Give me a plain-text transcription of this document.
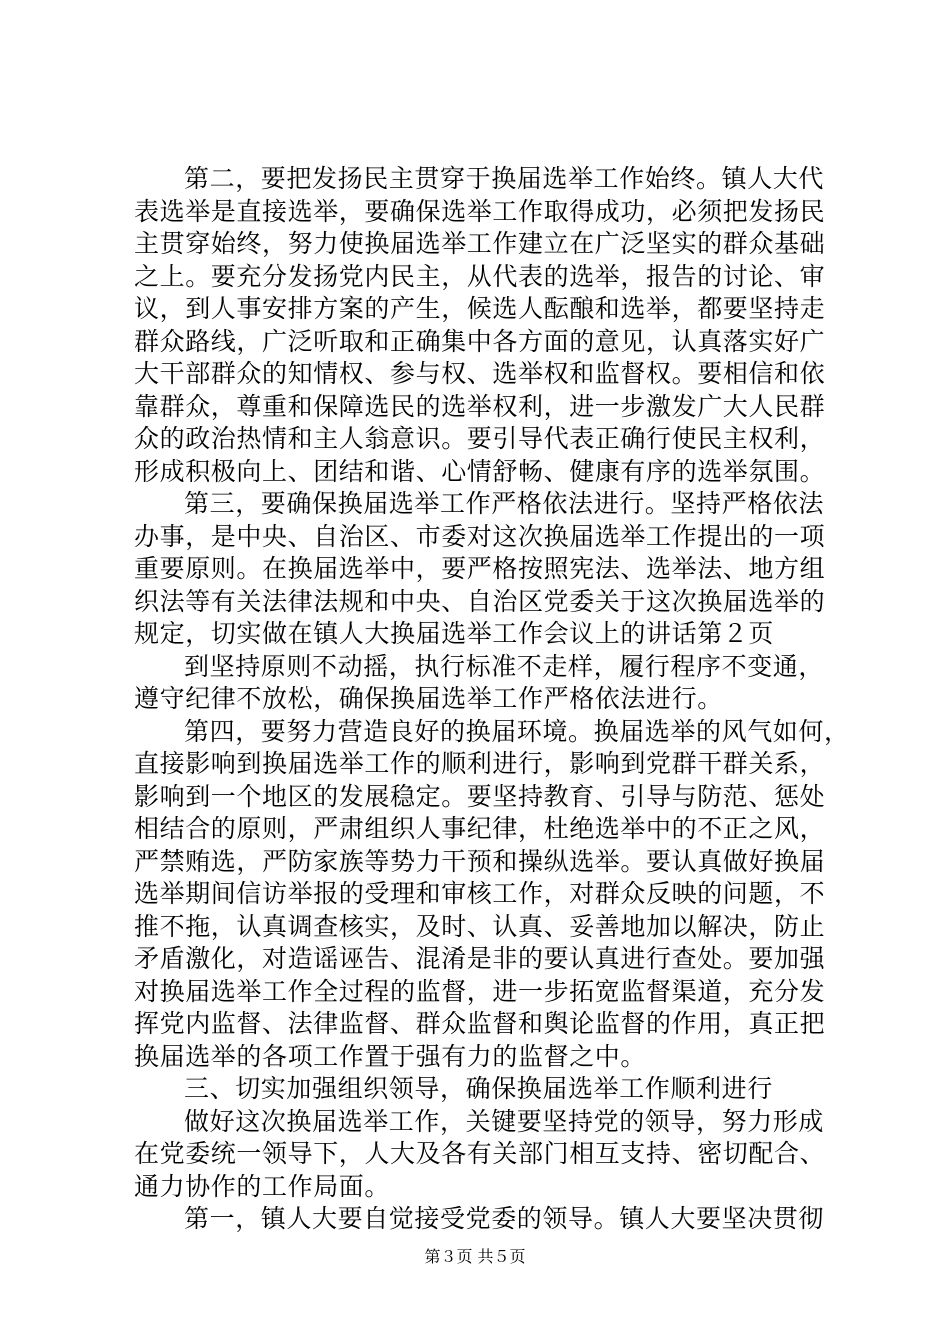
第二，要把发扬民主贯穿于换届选举工作始终。镇人大代
表选举是直接选举，要确保选举工作取得成功，必须把发扬民
主贯穿始终，努力使换届选举工作建立在广泛坚实的群众基础
之上。要充分发扬党内民主，从代表的选举，报告的讨论、审
议，到人事安排方案的产生，候选人酝酿和选举，都要坚持走
群众路线，广泛听取和正确集中各方面的意见，认真落实好广
大干部群众的知情权、参与权、选举权和监督权。要相信和依
靠群众，尊重和保障选民的选举权利，进一步激发广大人民群
众的政治热情和主人翁意识。要引导代表正确行使民主权利，
形成积极向上、团结和谐、心情舒畅、健康有序的选举氛围。
第三，要确保换届选举工作严格依法进行。坚持严格依法
办事，是中央、自治区、市委对这次换届选举工作提出的一项
重要原则。在换届选举中，要严格按照宪法、选举法、地方组
织法等有关法律法规和中央、自治区党委关于这次换届选举的
规定，切实做在镇人大换届选举工作会议上的讲话第２页
到坚持原则不动摇，执行标准不走样，履行程序不变通，
遵守纪律不放松，确保换届选举工作严格依法进行。
第四，要努力营造良好的换届环境。换届选举的风气如何，
直接影响到换届选举工作的顺利进行，影响到党群干群关系，
影响到一个地区的发展稳定。要坚持教育、引导与防范、惩处
相结合的原则，严肃组织人事纪律，杜绝选举中的不正之风，
严禁贿选，严防家族等势力干预和操纵选举。要认真做好换届
选举期间信访举报的受理和审核工作，对群众反映的问题，不
推不拖，认真调查核实，及时、认真、妥善地加以解决，防止
矛盾激化，对造谣诬告、混淆是非的要认真进行查处。要加强
对换届选举工作全过程的监督，进一步拓宽监督渠道，充分发
挥党内监督、法律监督、群众监督和舆论监督的作用，真正把
换届选举的各项工作置于强有力的监督之中。
三、切实加强组织领导，确保换届选举工作顺利进行
做好这次换届选举工作，关键要坚持党的领导，努力形成
在党委统一领导下，人大及各有关部门相互支持、密切配合、
通力协作的工作局面。
第一，镇人大要自觉接受党委的领导。镇人大要坚决贯彻
第３页 共５页
